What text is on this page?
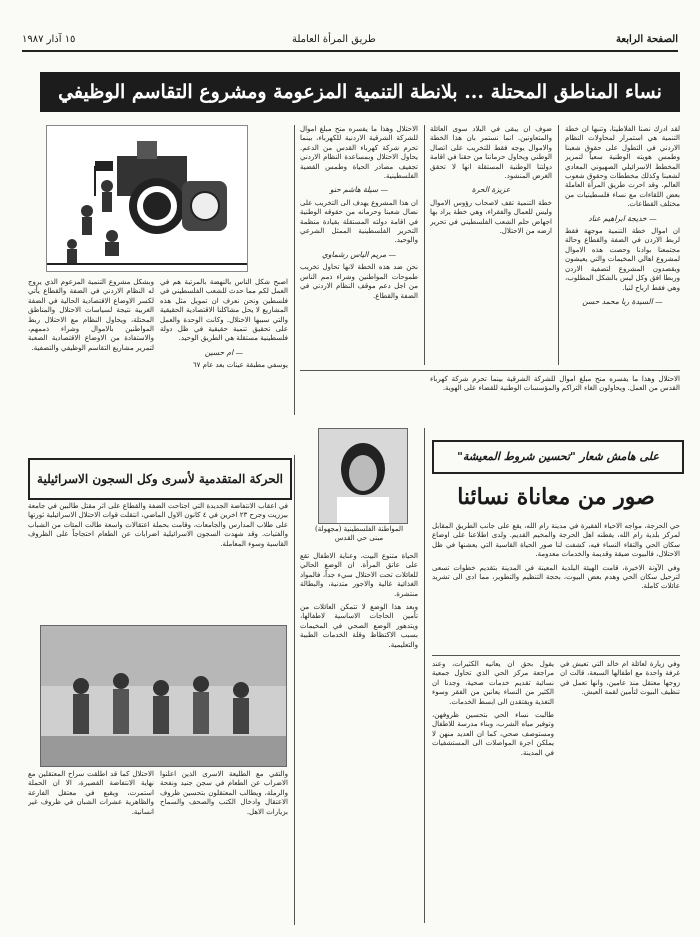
الصفحة الرابعة
طريق المرأة العاملة
١٥ آذار ١٩٨٧
نساء المناطق المحتلة ... بلانطة التنمية المزعومة ومشروع التقاسم الوظيفي

لقد ادرك نصنا الفلاطينا، وتنبها ان خطة التنمية هي استمرار لمحاولات النظام الاردني في التطول على حقوق شعبنا وطمس هويته الوطنية سعياً لتمرير المخطط الاسرائيلي الصهيوني المعادي لشعبنا وكذلك مخططات وحقوق شعوب العالم. وقد احرت طريق المرأة العاملة بعض اللقاءات مع نساء فلسطينيات من مختلف القطاعات.

— خديجة ابراهيم عناد

ان اموال خطة التنمية موجهة فقط لربط الاردن في الضفة والقطاع وحالة مجتمعنا بوادنا وحصت هذه الاموال لمشروع اهالي المخيمات والتي يعيشون ويقصدون المشروع لتصفية الاردن وربطا افق وكل ليس بالشكل المطلوب، وهي فقط ارباح لنيا.

— السيدة ربا محمد حسن

ضوف ان يبقى في البلاد سوى العائلة والمتعاونين. انما نستمر بان هذا الخطة والاموال يوجه فقط للتخريب على اتصال الوطني ويحاول حرماننا من حقنا في اقامة دولتنا الوطنية المستقلة انها لا تحقق الغرض المنشود.

عزيزة الحرة

خطة التنمية تقف لاصحاب رؤوس الاموال وليس للعمال والفقراء، وهي خطة يراد بها اجهاض حلم الشعب الفلسطيني في تحرير ارضه من الاحتلال.

الاحتلال وهذا ما يفسره منح مبلغ اموال للشركة الشرقية الاردنية للكهرباء، بينما تحرم شركة كهرباء القدس من الدعم. يحاول الاحتلال وبمساعدة النظام الاردني تجفيف مصادر الحياة وطمس القضية الفلسطينية.

— سيلة هاشم حنو

ان هذا المشروع يهدف الى التخريب على نضال شعبنا وحرمانه من حقوقه الوطنية في اقامة دولته المستقلة بقيادة منظمة التحرير الفلسطينية الممثل الشرعي والوحيد.

— مريم الياس رشماوي

نحن ضد هذه الخطة لانها تحاول تخريب طموحات المواطنين وشراء ذمم الناس من اجل دعم موقف النظام الاردني في الضفة والقطاع.

اصبح شكل الناس بالنهضة بالمرتبة هم في العمل لكم مما حدث للشعب الفلسطيني في فلسطين ونحن نعرف ان تمويل مثل هذه المشاريع لا يحل مشاكلنا الاقتصادية الحقيقية والتي سببها الاحتلال. وكانت الوحدة والعمل على تحقيق تنمية حقيقية في ظل دولة فلسطينية مستقلة هي الطريق الوحيد.

— ام حسين

يوسفي مطبقة عينات بعد عام ٦٧

وبشكل مشروع التنمية المزعوم الذي يروج له النظام الاردني في الضفة والقطاع يأتي لكسر الاوضاع الاقتصادية الحالية في الضفة الغربية نتيجة لسياسات الاحتلال والمناطق المحتلة، ويحاول النظام مع الاحتلال ربط المواطنين بالاموال وشراء ذممهم، والاستفادة من الاوضاع الاقتصادية الصعبة لتمرير مشاريع التقاسم الوظيفي والتصفية.

الاحتلال وهذا ما يفسره منح مبلغ اموال للشركة الشرقية بينما تحرم شركة كهرباء القدس من العمل. ويحاولون الغاء التراكم والمؤسسات الوطنية للقضاء على الهوية.

الحركة المتقدمية لأسرى وكل السجون الاسرائيلية

في اعقاب الانتفاضة الجديدة التي اجتاحت الضفة والقطاع على اثر مقتل طالبين في جامعة بيرزيت وجرح ٢٣ اخرين في ٤ كانون الاول الماضي، انتقلت قوات الاحتلال الاسرائيلية ثورتها على طلاب المدارس والجامعات، وقامت بحملة اعتقالات واسعة طالت المئات من الشباب والفتيات. وقد شهدت السجون الاسرائيلية اضرابات عن الطعام احتجاجاً على الظروف القاسية وسوء المعاملة.

الاحتلال كما قد اطلقت سراح المعتقلين مع نهاية الانتفاضة القصيرة، الا ان الحملة استمرت، ويقبع في معتقل الفارعة والظاهرية عشرات الشبان في ظروف غير انسانية.

والتقي مع الطليعة الاسرى الذين اعلنوا الاضراب عن الطعام في سجن جنيد ونفحة والرملة، ويطالب المعتقلون بتحسين ظروف الاعتقال وادخال الكتب والصحف والسماح بزيارات الاهل.

المواطنة الفلسطينية (مجهولة)
مبنى حي القدس

الحياة متنوع البيت، وعناية الاطفال تقع على عاتق المرأة. ان الوضع الحالي للعائلات تحت الاحتلال سيء جداً، فالمواد الغذائية غالية والاجور متدنية، والبطالة منتشرة.

وبعد هذا الوضع لا تتمكن العائلات من تأمين الحاجات الاساسية لاطفالها، ويتدهور الوضع الصحي في المخيمات بسبب الاكتظاظ وقلة الخدمات الطبية والتعليمية.

على هامش شعار "تحسين شروط المعيشة"
صور من معاناة نسائنا

حي الحرجة، مواجه الاحياء الفقيرة في مدينة رام الله، يقع على جانب الطريق المقابل لمركز بلدية رام الله، يقطنه اهل الحرجة والمخيم القديم. ولدى اطلاعنا على اوضاع سكان الحي والتقاء النساء فيه، كشفت لنا صور الحياة القاسية التي يعشنها في ظل الاحتلال، فالبيوت ضيقة وقديمة والخدمات معدومة.

وفي الآونة الاخيرة، قامت الهيئة البلدية المعينة في المدينة بتقديم خطوات تسعى لترحيل سكان الحي وهدم بعض البيوت، بحجة التنظيم والتطوير، مما ادى الى تشريد عائلات كاملة.

وفي زيارة لعائلة ام خالد التي تعيش في غرفة واحدة مع اطفالها السبعة، قالت ان زوجها معتقل منذ عامين، وانها تعمل في تنظيف البيوت لتأمين لقمة العيش.

يقول بحق ان يعانيه الكثيرات، وعند مراجعة مركز الحي الذي تحاول جمعية نسائية تقديم خدمات صحية، وجدنا ان الكثير من النساء يعانين من الفقر وسوء التغذية ويفتقدن الى ابسط الخدمات.

طالبت نساء الحي بتحسين ظروفهن، وتوفير مياه الشرب، وبناء مدرسة للاطفال ومستوصف صحي، كما ان العديد منهن لا يملكن اجرة المواصلات الى المستشفيات في المدينة.
